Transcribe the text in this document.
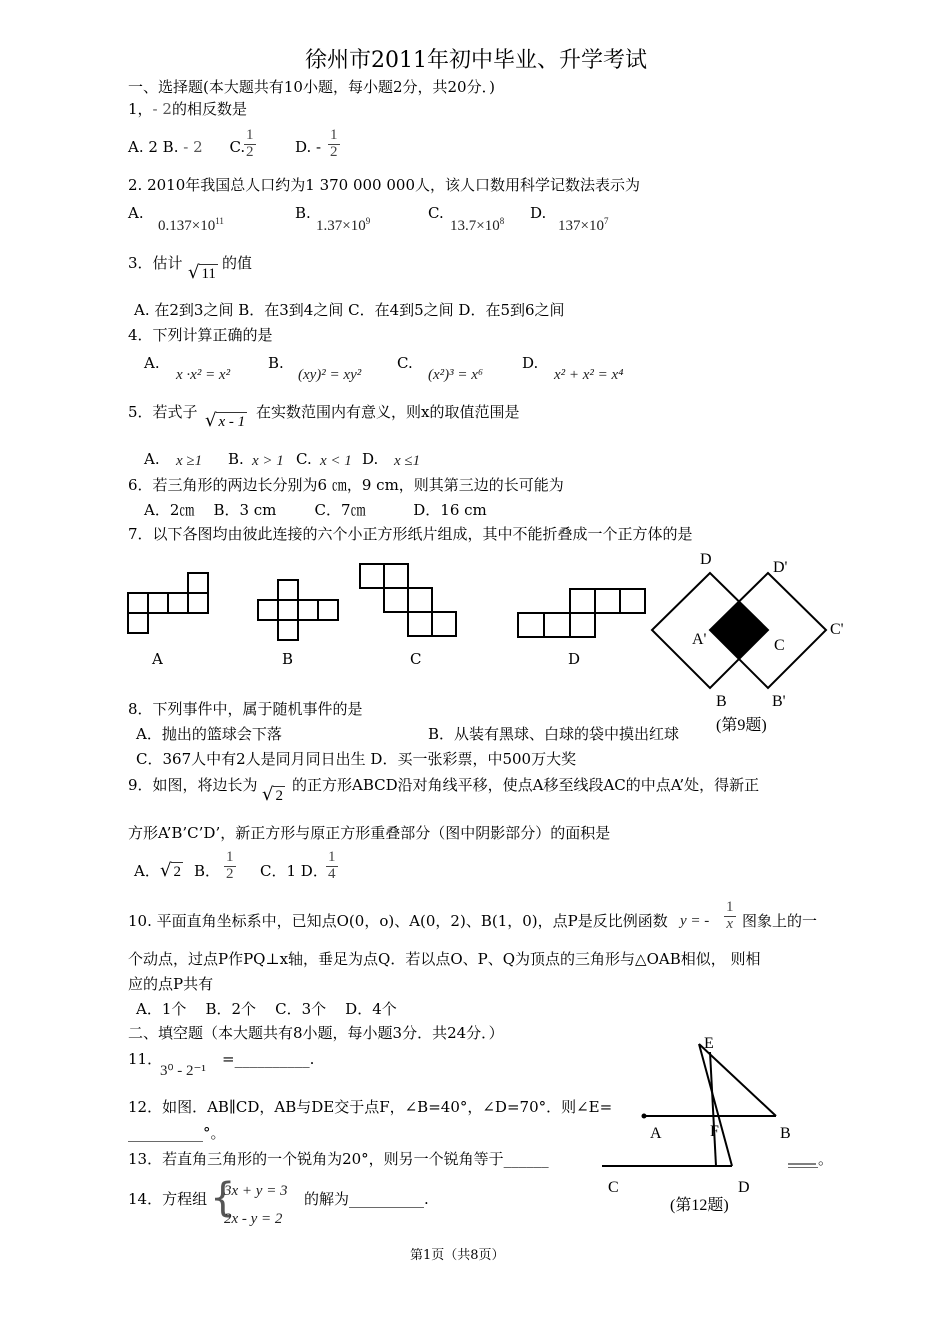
徐州市2011年初中毕业、升学考试
一、选择题(本大题共有10小题，每小题2分，共20分．)
1，- 2的相反数是
A. 2 B. - 2 C.
$\frac{1}{2}$	D. - $\frac{1}{2}$
2. 2010年我国总人口约为1 370 000 000人，该人口数用科学记数法表示为
A.
$0.137\times 10^{11}$	B.
$1.37\times 10^9$	C.
$13.7\times 10^8$ D.
$137\times 10^7$
3．估计 √ 11
的值
A. 在2到3之间 B．在3到4之间 C．在4到5之间 D．在5到6之间
4．下列计算正确的是
A.
x ·x² = x²
B.
(xy)² = xy²
C.
(x²)³ = x⁶
D.
x² + x² = x⁴
5．若式子 √ x - 1
在实数范围内有意义，则x的取值范围是
A. x ≥1 B. x > 1 C. x < 1 D. x ≤1
6．若三角形的两边长分别为6 ㎝，9 cm，则其第三边的长可能为
A．2㎝    B．3 cm        C．7㎝          D．16 cm
7．以下各图均由彼此连接的六个小正方形纸片组成，其中不能折叠成一个正方体的是
A	B	C	D
D	D'
A'	C
C'
B	B'
(第9题)
8．下列事件中，属于随机事件的是
A．抛出的篮球会下落	B．从装有黑球、白球的袋中摸出红球
C．367人中有2人是同月同日出生 D．买一张彩票，中500万大奖
9．如图，将边长为 √ 2
的正方形ABCD沿对角线平移，使点A移至线段AC的中点A’处，得新正
方形A’B’C’D’，新正方形与原正方形重叠部分（图中阴影部分）的面积是
A． √ 2 B． $\frac{1}{2}$ C．1 D．
$\frac{1}{4}$
10. 平面直角坐标系中，已知点O(0，o)、A(0，2)、B(1，0)，点P是反比例函数 y = - $\frac{1}{x}$ 图象上的一
个动点，过点P作PQ⊥x轴，垂足为点Q．若以点O、P、Q为顶点的三角形与△OAB相似， 则相
应的点P共有
A．1个    B．2个    C．3个    D．4个
二、填空题（本大题共有8小题，每小题3分．共24分．）
11．
3⁰ - 2⁻¹
=__________.
E
A	F	B
C	D
(第12题)
12．如图．AB∥CD，AB与DE交于点F，∠B=40°，∠D=70°．则∠E=
__________°。
13．若直角三角形的一个锐角为20°，则另一个锐角等于______	____。
14．方程组 {
3x + y = 3
2x - y = 2
的解为__________.
第1页（共8页）
